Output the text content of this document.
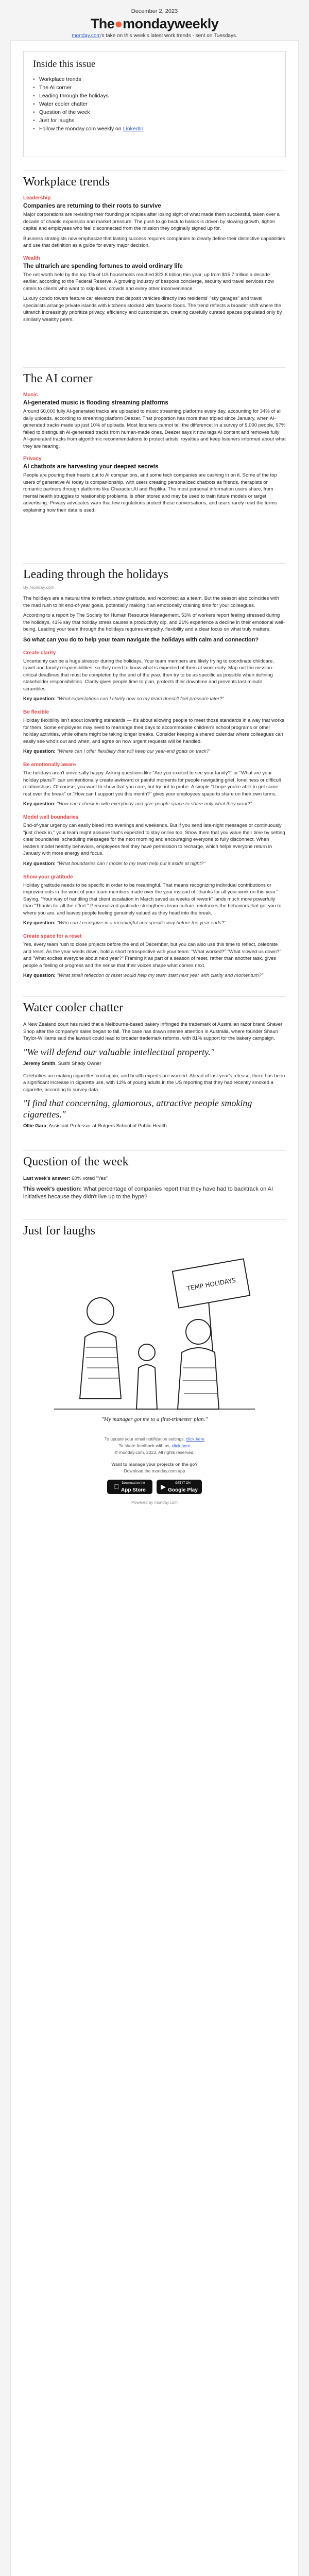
December 2, 2023
The●mondayweekly
monday.com's take on this week's latest work trends - sent on Tuesdays.
Inside this issue
• Workplace trends
• The AI corner
• Leading through the holidays
• Water cooler chatter
• Question of the week
• Just for laughs
• Follow the monday.com weekly on LinkedIn
Workplace trends
Leadership
Companies are returning to their roots to survive

Major corporations are revisiting their founding principles after losing sight of what made them successful, taken over a decade of chaotic expansion and market pressure. The push to go back to basics is driven by slowing growth, tighter capital and employees who feel disconnected from the mission they originally signed up for.

Business strategists now emphasize that lasting success requires companies to clearly define their distinctive capabilities and use that definition as a guide for every major decision.

Wealth
The ultrarich are spending fortunes to avoid ordinary life

The net worth held by the top 1% of US households reached $23.6 trillion this year, up from $15.7 trillion a decade earlier, according to the Federal Reserve. A growing industry of bespoke concierge, security and travel services now caters to clients who want to skip lines, crowds and every other inconvenience.

Luxury condo towers feature car elevators that deposit vehicles directly into residents' "sky garages" and travel specialists arrange private islands with kitchens stocked with favorite foods. The trend reflects a broader shift where the ultrarich increasingly prioritize privacy, efficiency and customization, creating carefully curated spaces populated only by similarly wealthy peers.

The AI corner
Music
AI-generated music is flooding streaming platforms

Around 60,000 fully AI-generated tracks are uploaded to music streaming platforms every day, accounting for 34% of all daily uploads, according to streaming platform Deezer. That proportion has more than tripled since January, when AI-generated tracks made up just 10% of uploads. Most listeners cannot tell the difference: in a survey of 9,000 people, 97% failed to distinguish AI-generated tracks from human-made ones. Deezer says it now tags AI content and removes fully AI-generated tracks from algorithmic recommendations to protect artists' royalties and keep listeners informed about what they are hearing.

Privacy
AI chatbots are harvesting your deepest secrets

People are pouring their hearts out to AI companions, and some tech companies are cashing in on it. Some of the top users of generative AI today is companionship, with users creating personalized chatbots as friends, therapists or romantic partners through platforms like Character.AI and Replika. The most personal information users share, from mental health struggles to relationship problems, is often stored and may be used to train future models or target advertising. Privacy advocates warn that few regulations protect these conversations, and users rarely read the terms explaining how their data is used.

Leading through the holidays
By monday.com

The holidays are a natural time to reflect, show gratitude, and reconnect as a team. But the season also coincides with the mad rush to hit end-of-year goals, potentially making it an emotionally draining time for your colleagues.

According to a report by The Society for Human Resource Management, 53% of workers report feeling stressed during the holidays, 41% say that holiday stress causes a productivity dip, and 21% experience a decline in their emotional well-being. Leading your team through the holidays requires empathy, flexibility and a clear focus on what truly matters.

So what can you do to help your team navigate the holidays with calm and connection?
Create clarity

Uncertainty can be a huge stressor during the holidays. Your team members are likely trying to coordinate childcare, travel and family responsibilities, so they need to know what is expected of them at work early. Map out the mission-critical deadlines that must be completed by the end of the year, then try to be as specific as possible when defining stakeholder responsibilities. Clarity gives people time to plan, protects their downtime and prevents last-minute scrambles.

Key question: "What expectations can I clarify now so my team doesn't feel pressure later?"
Be flexible

Holiday flexibility isn't about lowering standards — it's about allowing people to meet those standards in a way that works for them. Some employees may need to rearrange their days to accommodate children's school programs or other holiday activities, while others might be taking longer breaks. Consider keeping a shared calendar where colleagues can easily see who's out and when, and agree on how urgent requests will be handled.

Key question: "Where can I offer flexibility that will keep our year-end goals on track?"
Be emotionally aware

The holidays aren't universally happy. Asking questions like "Are you excited to see your family?" or "What are your holiday plans?" can unintentionally create awkward or painful moments for people navigating grief, loneliness or difficult relationships. Of course, you want to show that you care, but try not to probe. A simple "I hope you're able to get some rest over the break" or "How can I support you this month?" gives your employees space to share on their own terms.

Key question: "How can I check in with everybody and give people space to share only what they want?"
Model well boundaries

End-of-year urgency can easily bleed into evenings and weekends. But if you send late-night messages or continuously "just check in," your team might assume that's expected to stay online too. Show them that you value their time by setting clear boundaries, scheduling messages for the next morning and encouraging everyone to fully disconnect. When leaders model healthy behaviors, employees feel they have permission to recharge, which helps everyone return in January with more energy and focus.

Key question: "What boundaries can I model to my team help put it aside at night?"
Show your gratitude

Holiday gratitude needs to be specific in order to be meaningful. That means recognizing individual contributions or improvements in the work of your team members made over the year instead of "thanks for all your work on this year." Saying, "Your way of handling that client escalation in March saved us weeks of rework" lands much more powerfully than "Thanks for all the effort." Personalized gratitude strengthens team culture, reinforces the behaviors that got you to where you are, and leaves people feeling genuinely valued as they head into the break.

Key question: "Who can I recognize in a meaningful and specific way before the year ends?"
Create space for a reset

Yes, every team rush to close projects before the end of December, but you can also use this time to reflect, celebrate and reset. As the year winds down, hold a short retrospective with your team: "What worked?" "What slowed us down?" and "What excites everyone about next year?" Framing it as part of a season of reset, rather than another task, gives people a feeling of progress and the sense that their voices shape what comes next.

Key question: "What small reflection or reset would help my team start next year with clarity and momentum?"
Water cooler chatter

A New Zealand court has ruled that a Melbourne-based bakery infringed the trademark of Australian razor brand Shaver Shop after the company's sales began to fall. The case has drawn intense attention in Australia, where founder Shaun Taylor-Williams said the lawsuit could lead to broader trademark reforms, with 81% support for the bakery campaign.

"We will defend our valuable intellectual property."
Jeremy Smith, Sushi Shady Owner

Celebrities are making cigarettes cool again, and health experts are worried. Ahead of last year's release, there has been a significant increase in cigarette use, with 12% of young adults in the US reporting that they had recently smoked a cigarette, according to survey data.

"I find that concerning, glamorous, attractive people smoking cigarettes."
Ollie Gara, Assistant Professor at Rutgers School of Public Health
Question of the week

Last week's answer: 60% voted "Yes"

This week's question: What percentage of companies report that they have had to backtrack on AI initiatives because they didn't live up to the hype?

Just for laughs
TEMP HOLIDAYS
"My manager got me to a first-trimester plan."
To update your email notification settings, click here
To share feedback with us, click here
© monday.com, 2023. All rights reserved.
Want to manage your projects on the go?
Download the monday.com app
Download on the
App Store	▶	GET IT ON
Google Play
Powered by monday.com
